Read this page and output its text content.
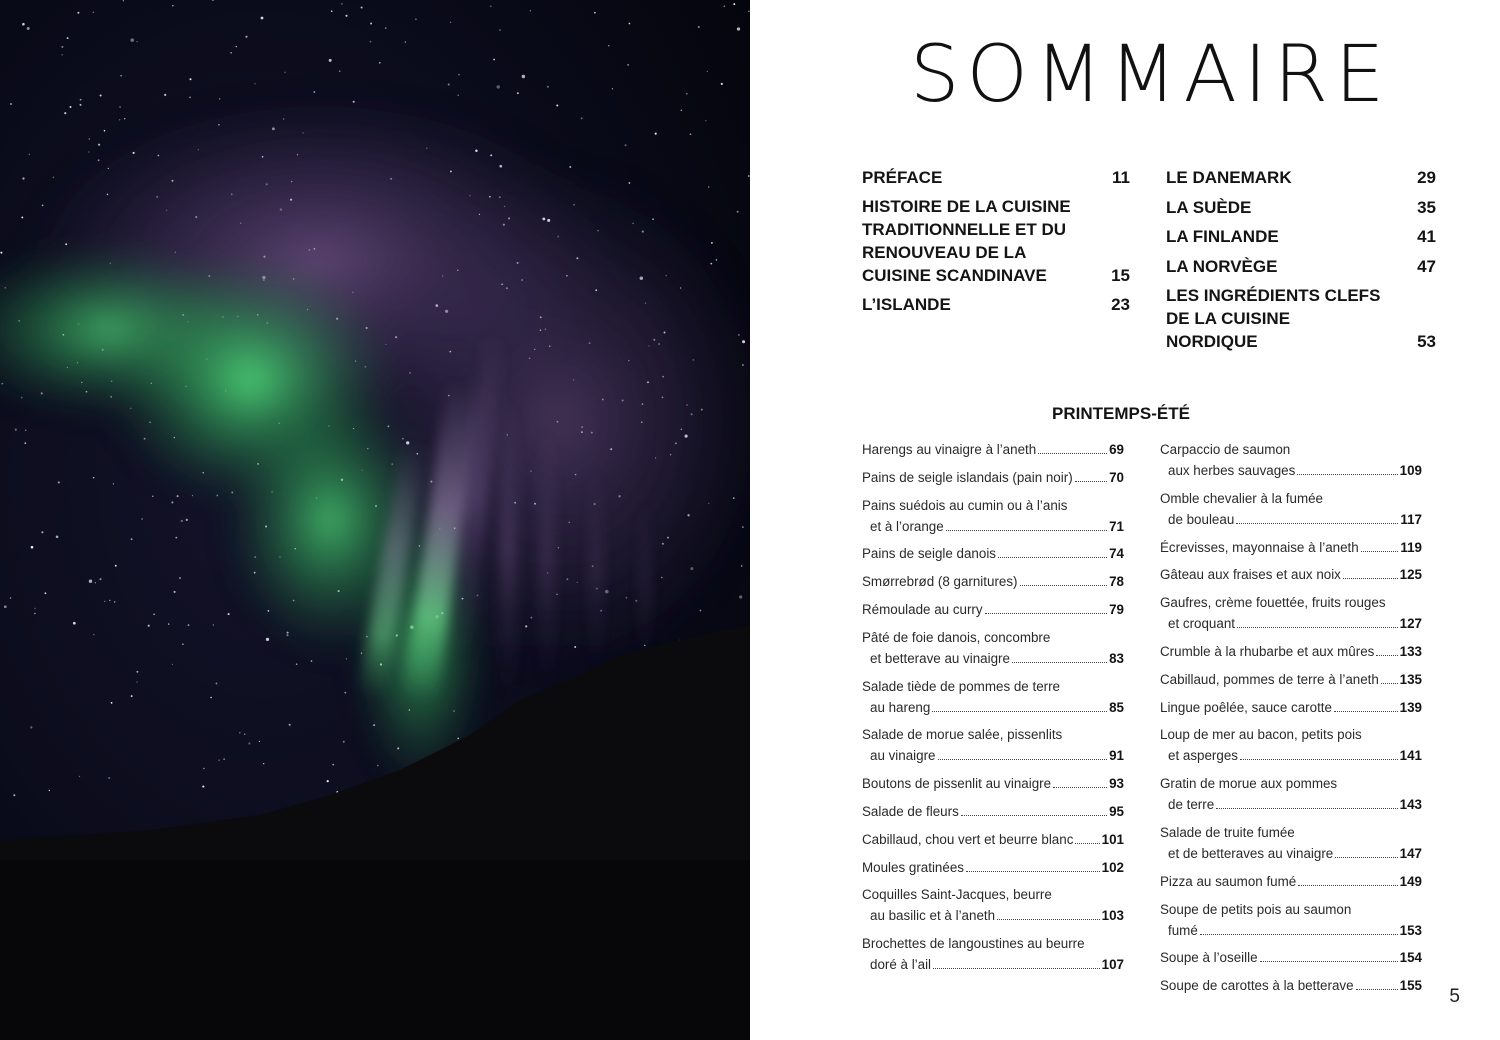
SOMMAIRE
PRÉFACE	11
HISTOIRE DE LA CUISINE TRADITIONNELLE ET DU RENOUVEAU DE LA CUISINE SCANDINAVE	15
L’ISLANDE	23
LE DANEMARK	29
LA SUÈDE	35
LA FINLANDE	41
LA NORVÈGE	47
LES INGRÉDIENTS CLEFS DE LA CUISINE NORDIQUE	53
PRINTEMPS-ÉTÉ
Harengs au vinaigre à l’aneth	69
Pains de seigle islandais (pain noir)	70
Pains suédois au cumin ou à l’anis
et à l’orange	71
Pains de seigle danois	74
Smørrebrød (8 garnitures)	78
Rémoulade au curry	79
Pâté de foie danois, concombre
et betterave au vinaigre	83
Salade tiède de pommes de terre
au hareng	85
Salade de morue salée, pissenlits
au vinaigre	91
Boutons de pissenlit au vinaigre	93
Salade de fleurs	95
Cabillaud, chou vert et beurre blanc 101
Moules gratinées	102
Coquilles Saint-Jacques, beurre
au basilic et à l’aneth	103
Brochettes de langoustines au beurre
doré à l’ail	107
Carpaccio de saumon
aux herbes sauvages	109
Omble chevalier à la fumée
de bouleau	117
Écrevisses, mayonnaise à l’aneth	119
Gâteau aux fraises et aux noix	125
Gaufres, crème fouettée, fruits rouges
et croquant	127
Crumble à la rhubarbe et aux mûres 133
Cabillaud, pommes de terre à l’aneth 135
Lingue poêlée, sauce carotte	139
Loup de mer au bacon, petits pois
et asperges	141
Gratin de morue aux pommes
de terre	143
Salade de truite fumée
et de betteraves au vinaigre	147
Pizza au saumon fumé	149
Soupe de petits pois au saumon
fumé	153
Soupe à l’oseille	154
Soupe de carottes à la betterave	155
5
